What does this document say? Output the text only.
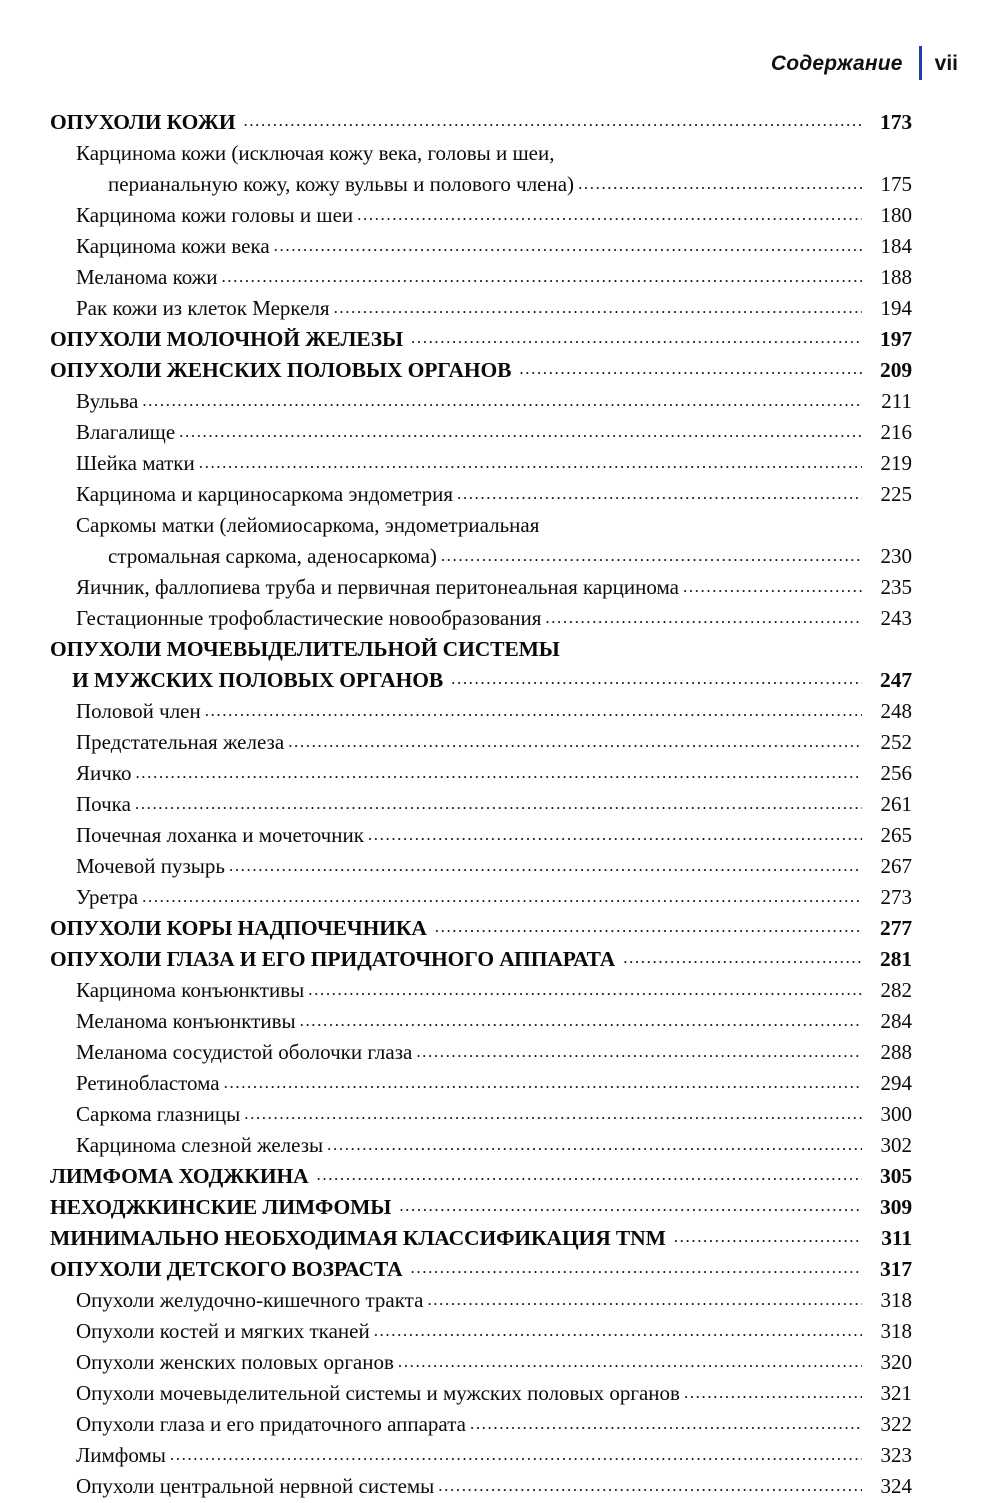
Содержание vii
ОПУХОЛИ КОЖИ .....	173
Карциномa кожи (исключая кожу века, головы и шеи,
перианальную кожу, кожу вульвы и полового члена) .....	175
Карциномa кожи головы и шеи .....	180
Карциномa кожи века .....	184
Меланома кожи .....	188
Рак кожи из клеток Меркеля .....	194
ОПУХОЛИ МОЛОЧНОЙ ЖЕЛЕЗЫ .....	197
ОПУХОЛИ ЖЕНСКИХ ПОЛОВЫХ ОРГАНОВ .....	209
Вульва .....	211
Влагалище .....	216
Шейка матки .....	219
Карциномa и карциносаркома эндометрия .....	225
Саркомы матки (лейомиосаркома, эндометриальная
стромальная саркома, аденосаркома) .....	230
Яичник, фаллопиева труба и первичная перитонеальная карцинома .....	235
Гестационные трофобластические новообразования .....	243
ОПУХОЛИ МОЧЕВЫДЕЛИТЕЛЬНОЙ СИСТЕМЫ
И МУЖСКИХ ПОЛОВЫХ ОРГАНОВ .....	247
Половой член .....	248
Предстательная железа .....	252
Яичко .....	256
Почка .....	261
Почечная лоханка и мочеточник .....	265
Мочевой пузырь .....	267
Уретра .....	273
ОПУХОЛИ КОРЫ НАДПОЧЕЧНИКА .....	277
ОПУХОЛИ ГЛАЗА И ЕГО ПРИДАТОЧНОГО АППАРАТА .....	281
Карциномa конъюнктивы .....	282
Меланома конъюнктивы .....	284
Меланома сосудистой оболочки глаза .....	288
Ретинобластома .....	294
Саркома глазницы .....	300
Карциномa слезной железы .....	302
ЛИМФОМА ХОДЖКИНА .....	305
НЕХОДЖКИНСКИЕ ЛИМФОМЫ .....	309
МИНИМАЛЬНО НЕОБХОДИМАЯ КЛАССИФИКАЦИЯ TNM .....	311
ОПУХОЛИ ДЕТСКОГО ВОЗРАСТА .....	317
Опухоли желудочно-кишечного тракта .....	318
Опухоли костей и мягких тканей .....	318
Опухоли женских половых органов .....	320
Опухоли мочевыделительной системы и мужских половых органов .....	321
Опухоли глаза и его придаточного аппарата .....	322
Лимфомы .....	323
Опухоли центральной нервной системы .....	324
